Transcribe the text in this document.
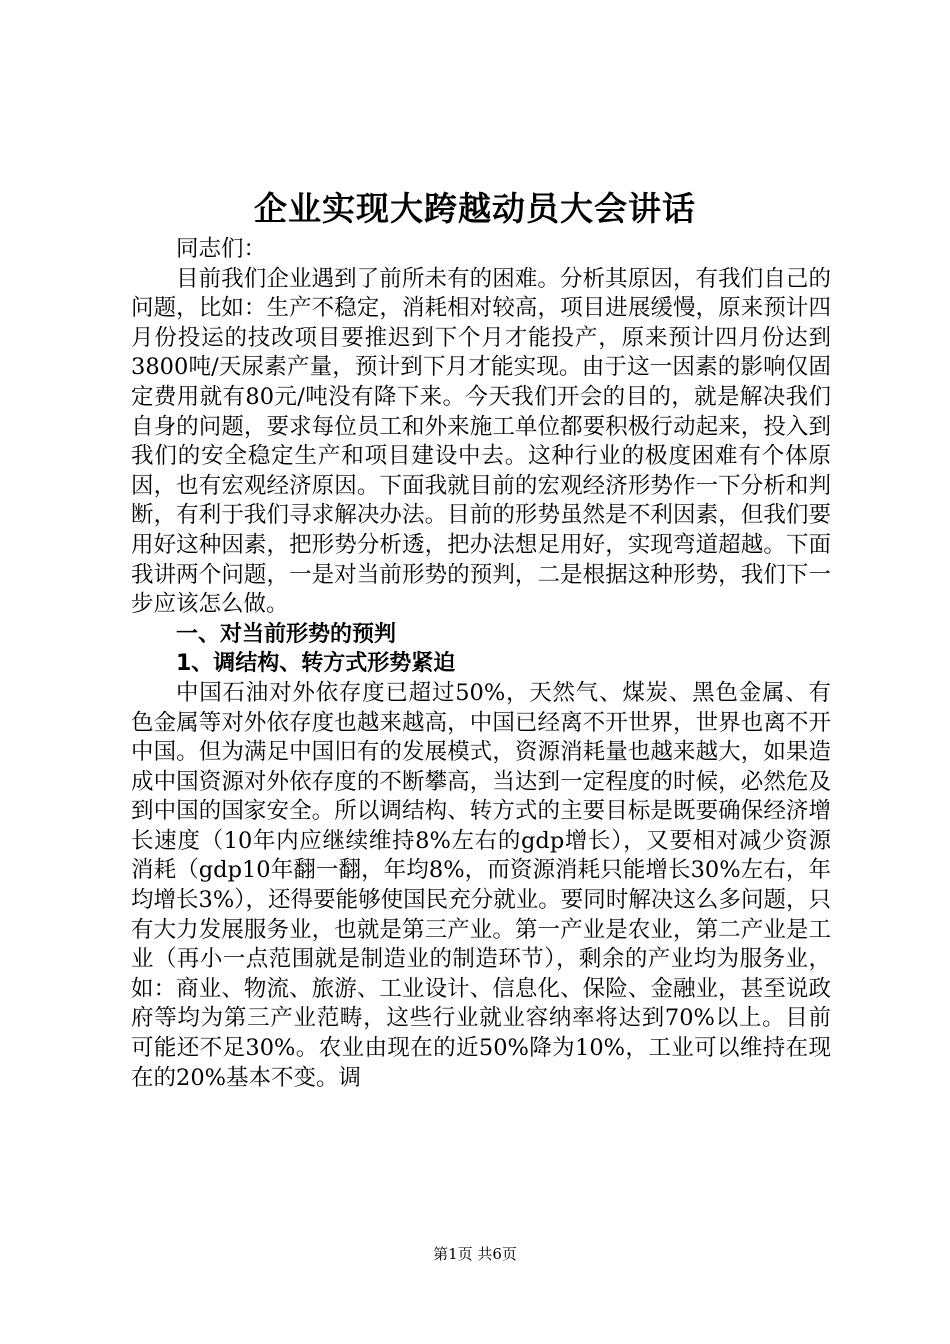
企业实现大跨越动员大会讲话

同志们：

目前我们企业遇到了前所未有的困难。分析其原因，有我们自己的问题，比如：生产不稳定，消耗相对较高，项目进展缓慢，原来预计四月份投运的技改项目要推迟到下个月才能投产，原来预计四月份达到3800吨/天尿素产量，预计到下月才能实现。由于这一因素的影响仅固定费用就有80元/吨没有降下来。今天我们开会的目的，就是解决我们自身的问题，要求每位员工和外来施工单位都要积极行动起来，投入到我们的安全稳定生产和项目建设中去。这种行业的极度困难有个体原因，也有宏观经济原因。下面我就目前的宏观经济形势作一下分析和判断，有利于我们寻求解决办法。目前的形势虽然是不利因素，但我们要用好这种因素，把形势分析透，把办法想足用好，实现弯道超越。下面我讲两个问题，一是对当前形势的预判，二是根据这种形势，我们下一步应该怎么做。

一、对当前形势的预判
1、调结构、转方式形势紧迫

中国石油对外依存度已超过50%，天然气、煤炭、黑色金属、有色金属等对外依存度也越来越高，中国已经离不开世界，世界也离不开中国。但为满足中国旧有的发展模式，资源消耗量也越来越大，如果造成中国资源对外依存度的不断攀高，当达到一定程度的时候，必然危及到中国的国家安全。所以调结构、转方式的主要目标是既要确保经济增长速度（10年内应继续维持8%左右的gdp增长），又要相对减少资源消耗（gdp10年翻一翻，年均8%，而资源消耗只能增长30%左右，年均增长3%），还得要能够使国民充分就业。要同时解决这么多问题，只有大力发展服务业，也就是第三产业。第一产业是农业，第二产业是工业（再小一点范围就是制造业的制造环节），剩余的产业均为服务业，如：商业、物流、旅游、工业设计、信息化、保险、金融业，甚至说政府等均为第三产业范畴，这些行业就业容纳率将达到70%以上。目前可能还不足30%。农业由现在的近50%降为10%，工业可以维持在现在的20%基本不变。调

第1页 共6页
